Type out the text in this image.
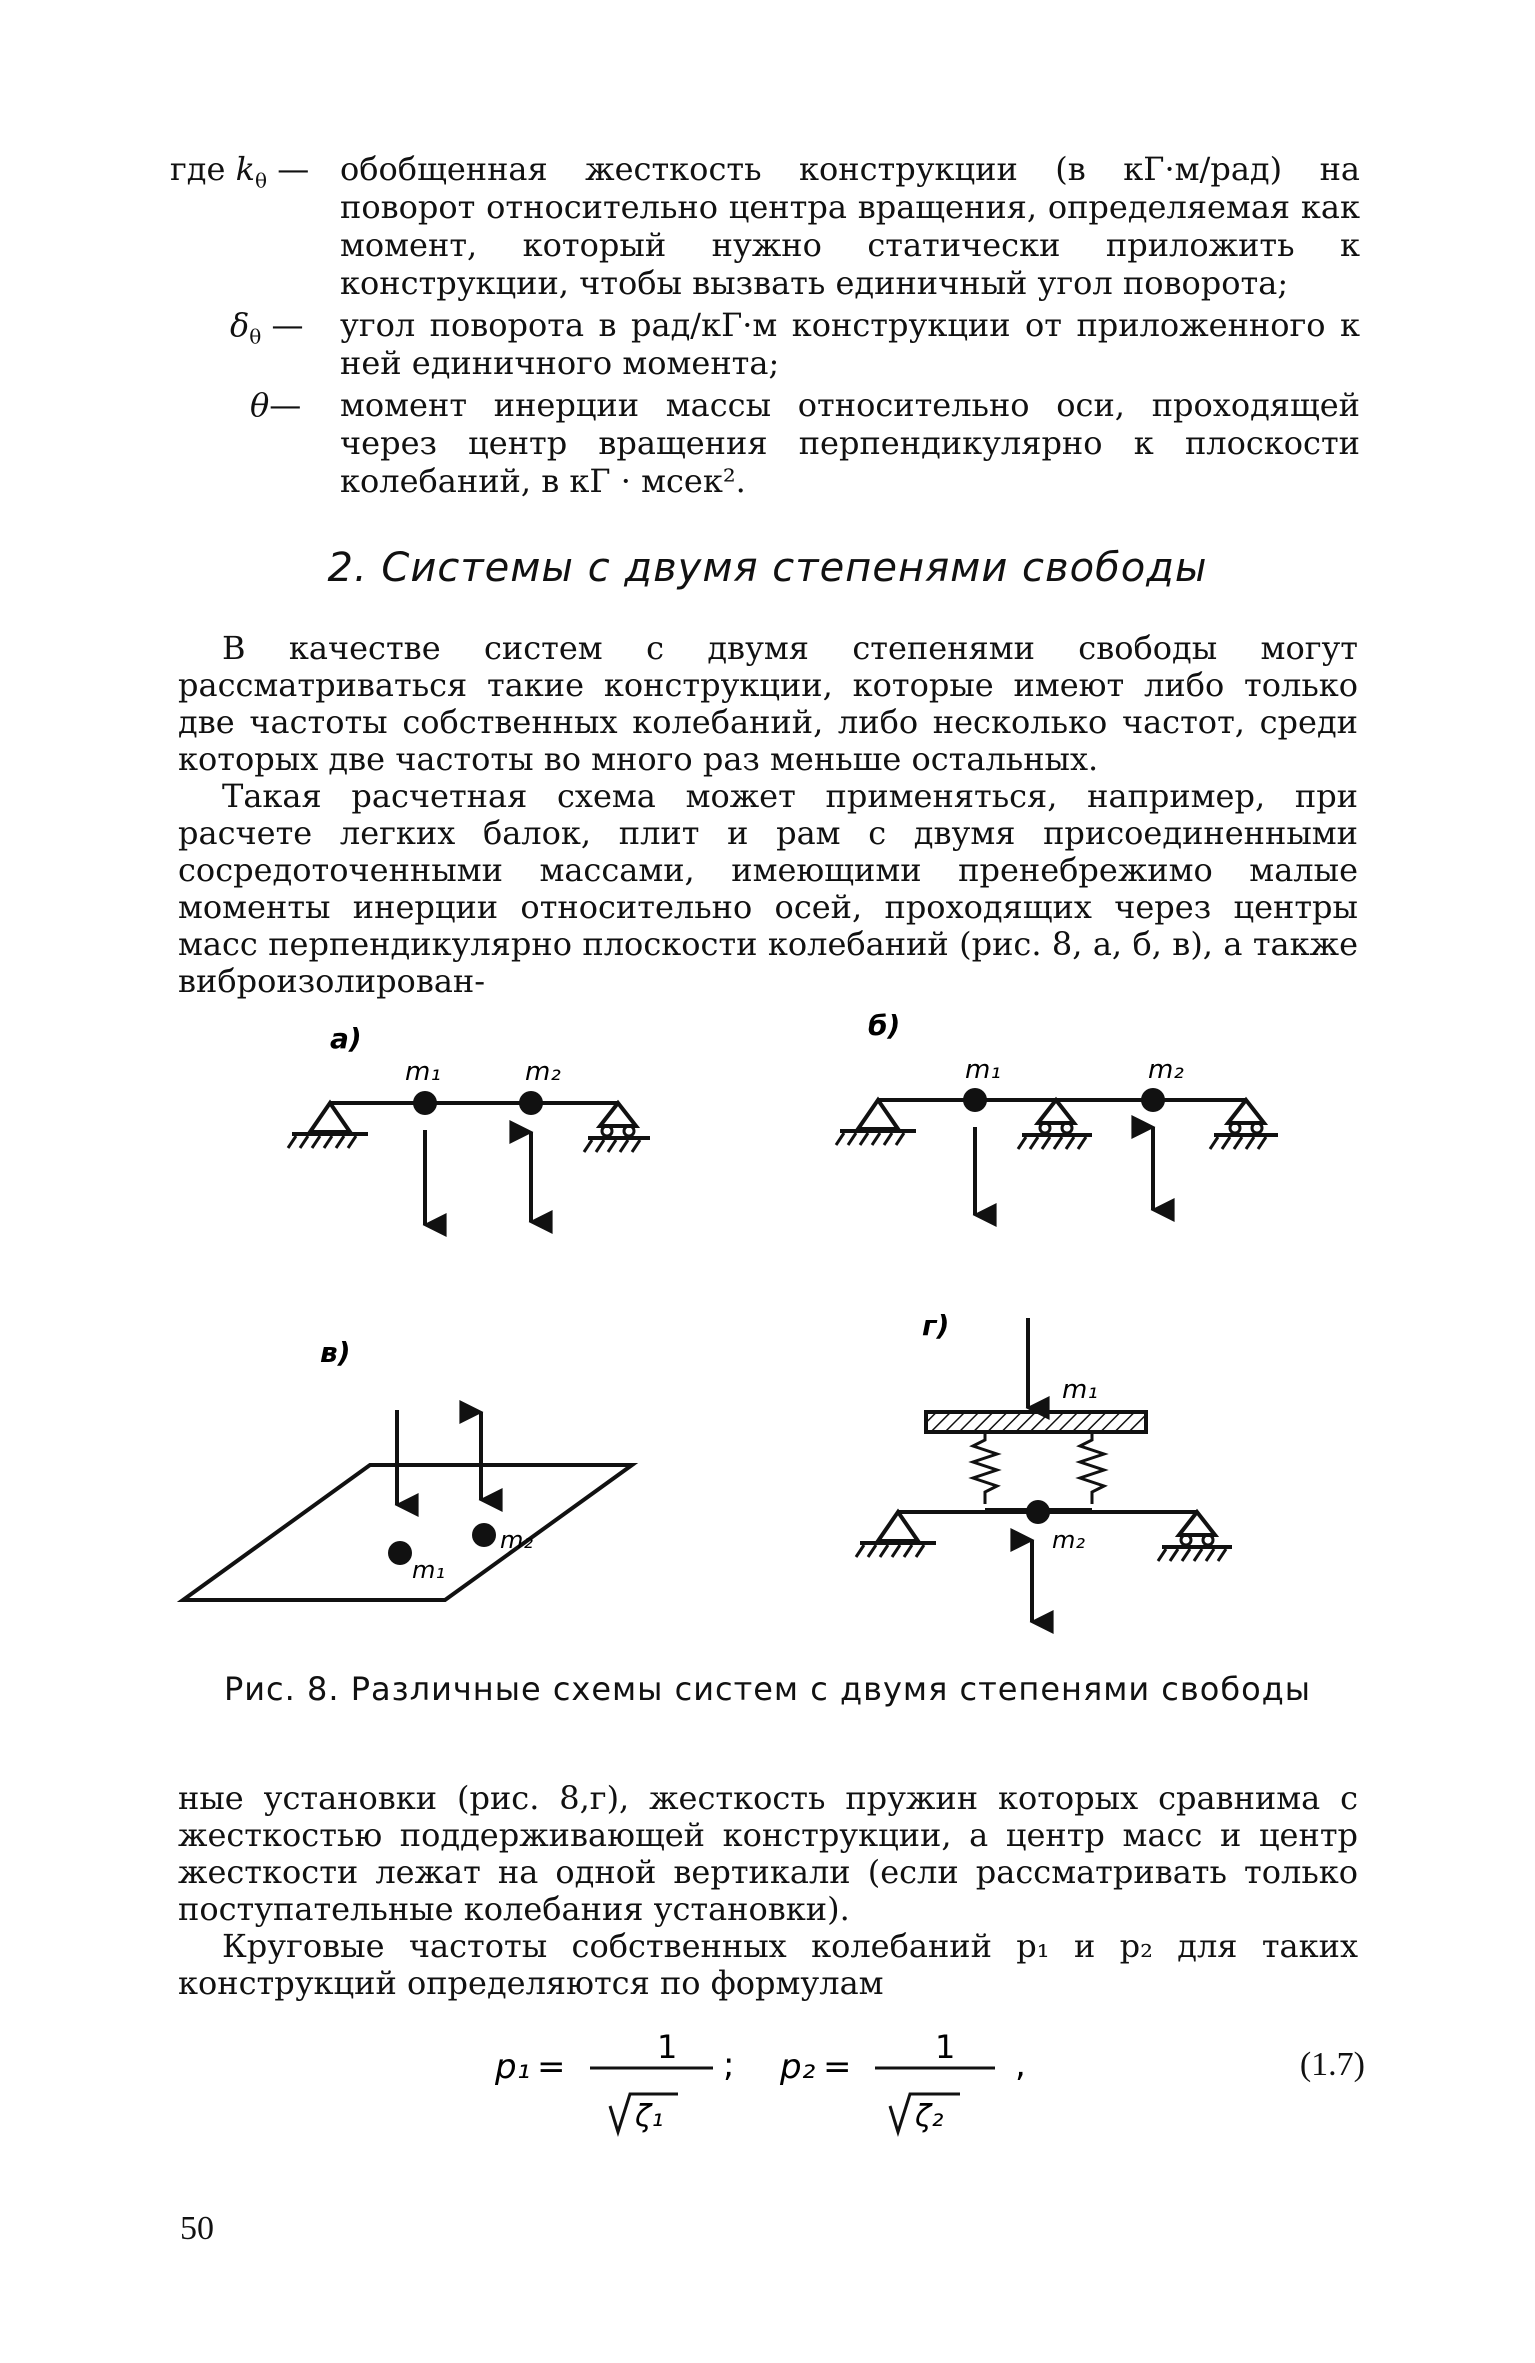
где $k_\theta$ — обобщенная жесткость конструкции (в кГ·м/рад) на поворот относительно центра вращения, определяемая как момент, который нужно статически приложить к конструкции, чтобы вызвать единичный угол поворота;
$\delta_\theta$ —	угол поворота в рад/кГ·м конструкции от приложенного к ней единичного момента;
θ—	момент инерции массы относительно оси, проходящей через центр вращения перпендикулярно к плоскости колебаний, в кГ · мсек².
2. Системы с двумя степенями свободы

В качестве систем с двумя степенями свободы могут рассматриваться такие конструкции, которые имеют либо только две частоты собственных колебаний, либо несколько частот, среди которых две частоты во много раз меньше остальных.

Такая расчетная схема может применяться, например, при расчете легких балок, плит и рам с двумя присоединенными сосредоточенными массами, имеющими пренебрежимо малые моменты инерции относительно осей, проходящих через центры масс перпендикулярно плоскости колебаний (рис. 8, а, б, в), а также виброизолирован-

а)
m₁	m₂
б)
m₁	m₂
в)
m₁
m₂
г)
m₁
m₂
Рис. 8. Различные схемы систем с двумя степенями свободы

ные установки (рис. 8,г), жесткость пружин которых сравнима с жесткостью поддерживающей конструкции, а центр масс и центр жесткости лежат на одной вертикали (если рассматривать только поступательные колебания установки).

Круговые частоты собственных колебаний p₁ и p₂ для таких конструкций определяются по формулам

p₁ =	1
ζ₁
; p₂ =	1
ζ₂
,	(1.7)
50
